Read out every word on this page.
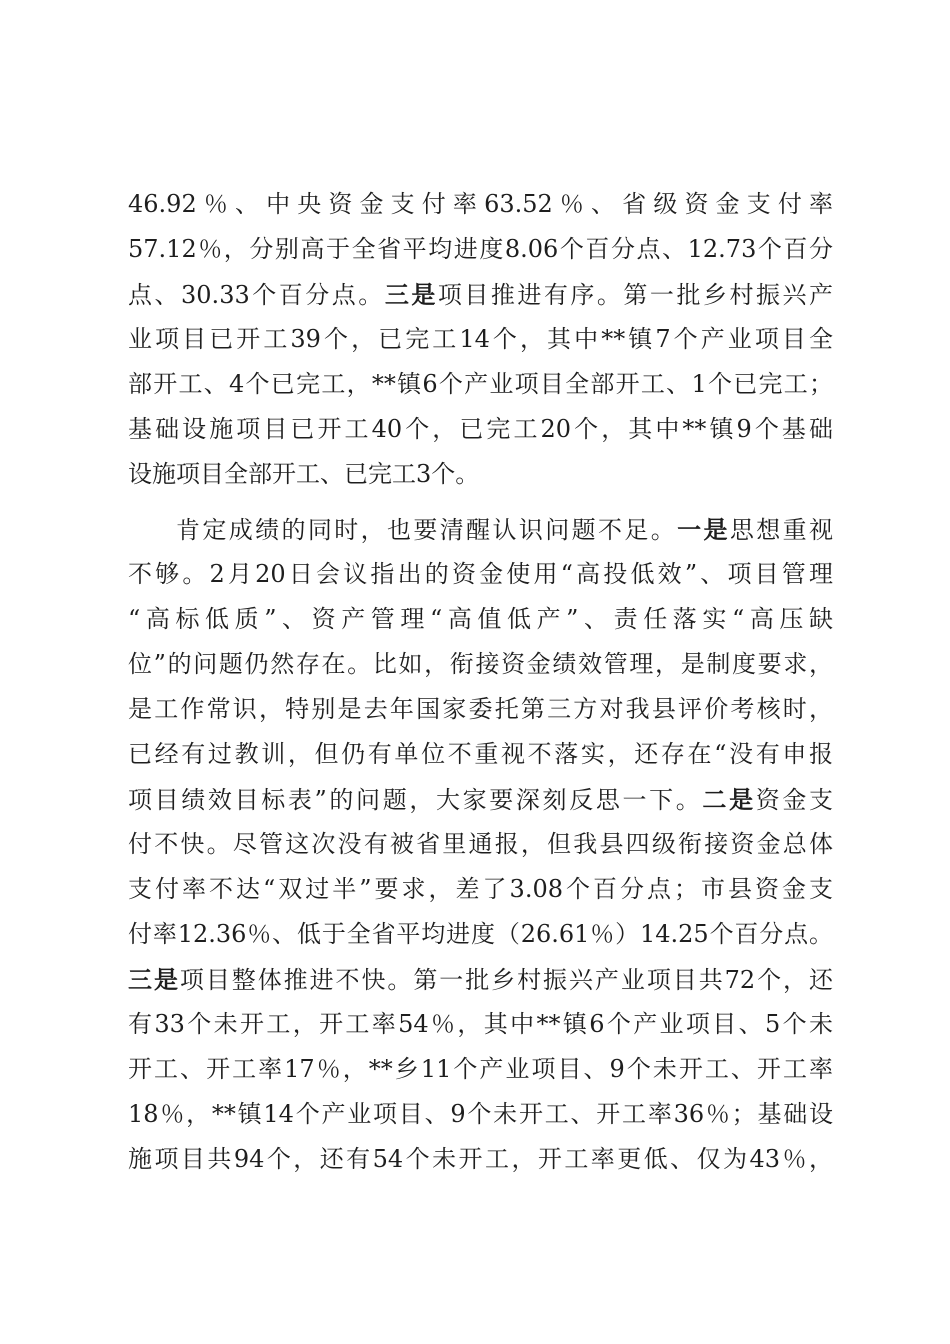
46.92％、中央资金支付率63.52％、省级资金支付率
57.12％，分别高于全省平均进度8.06个百分点、12.73个百分
点、30.33个百分点。三是项目推进有序。第一批乡村振兴产
业项目已开工39个，已完工14个，其中**镇7个产业项目全
部开工、4个已完工，**镇6个产业项目全部开工、1个已完工；
基础设施项目已开工40个，已完工20个，其中**镇9个基础
设施项目全部开工、已完工3个。
肯定成绩的同时，也要清醒认识问题不足。一是思想重视
不够。2月20日会议指出的资金使用“高投低效”、项目管理
“高标低质”、资产管理“高值低产”、责任落实“高压缺
位”的问题仍然存在。比如，衔接资金绩效管理，是制度要求，
是工作常识，特别是去年国家委托第三方对我县评价考核时，
已经有过教训，但仍有单位不重视不落实，还存在“没有申报
项目绩效目标表”的问题，大家要深刻反思一下。二是资金支
付不快。尽管这次没有被省里通报，但我县四级衔接资金总体
支付率不达“双过半”要求，差了3.08个百分点；市县资金支
付率12.36％、低于全省平均进度（26.61％）14.25个百分点。
三是项目整体推进不快。第一批乡村振兴产业项目共72个，还
有33个未开工，开工率54％，其中**镇6个产业项目、5个未
开工、开工率17％，**乡11个产业项目、9个未开工、开工率
18％，**镇14个产业项目、9个未开工、开工率36％；基础设
施项目共94个，还有54个未开工，开工率更低、仅为43％，
